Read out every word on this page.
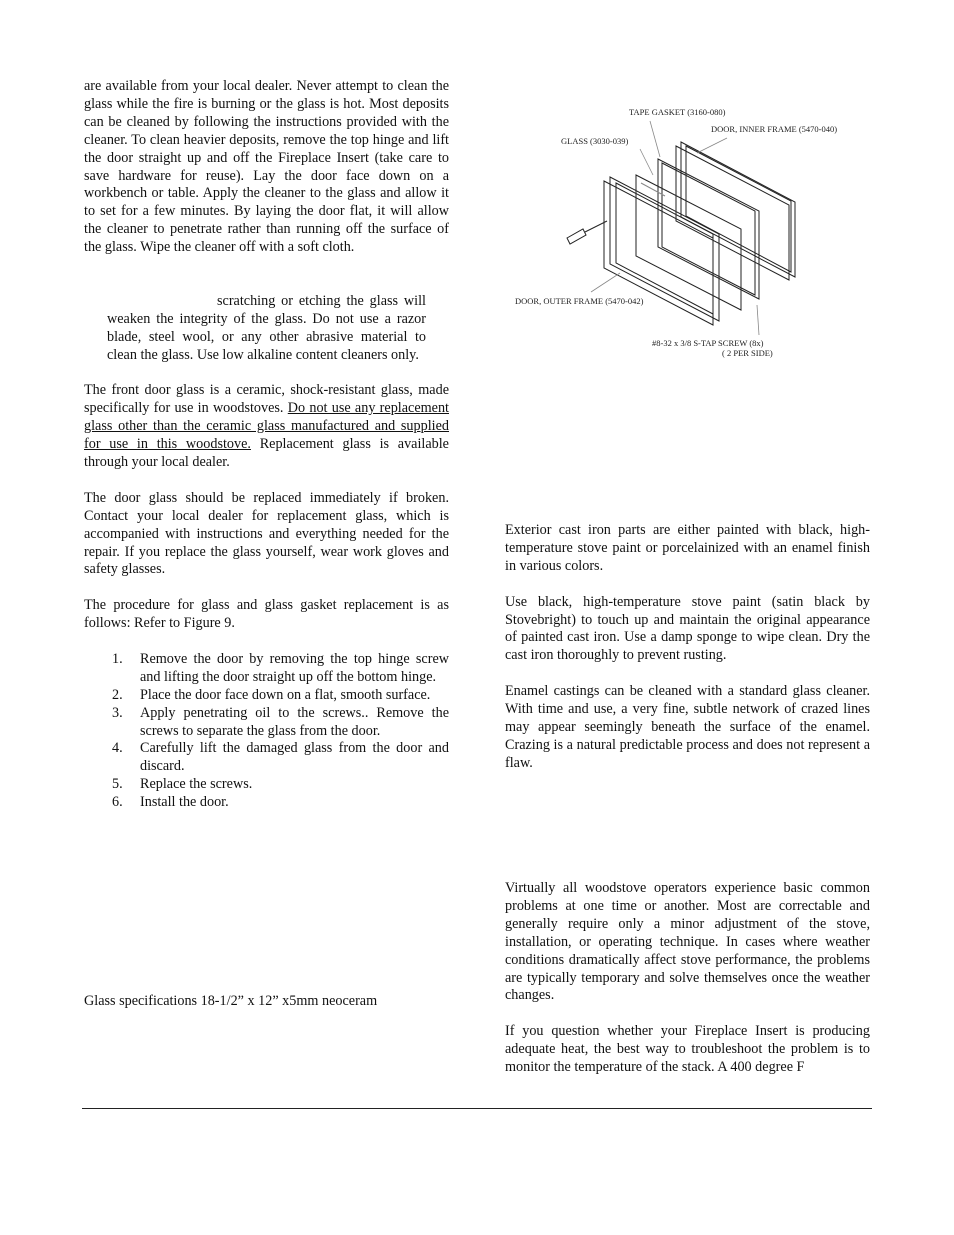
are available from your local dealer. Never attempt to clean the glass while the fire is burning or the glass is hot. Most deposits can be cleaned by following the instructions provided with the cleaner. To clean heavier deposits, remove the top hinge and lift the door straight up and off the Fireplace Insert (take care to save hardware for reuse). Lay the door face down on a workbench or table. Apply the cleaner to the glass and allow it to set for a few minutes. By laying the door flat, it will allow the cleaner to penetrate rather than running off the surface of the glass. Wipe the cleaner off with a soft cloth.

scratching or etching the glass will weaken the integrity of the glass. Do not use a razor blade, steel wool, or any other abrasive material to clean the glass. Use low alkaline content cleaners only.

The front door glass is a ceramic, shock-resistant glass, made specifically for use in woodstoves. Do not use any replacement glass other than the ceramic glass manufactured and supplied for use in this woodstove. Replacement glass is available through your local dealer.

The door glass should be replaced immediately if broken. Contact your local dealer for replacement glass, which is accompanied with instructions and everything needed for the repair. If you replace the glass yourself, wear work gloves and safety glasses.

The procedure for glass and glass gasket replacement is as follows: Refer to Figure 9.

1. Remove the door by removing the top hinge screw and lifting the door straight up off the bottom hinge.
2. Place the door face down on a flat, smooth surface.
3. Apply penetrating oil to the screws.. Remove the screws to separate the glass from the door.
4. Carefully lift the damaged glass from the door and discard.
5. Replace the screws.
6. Install the door.
Glass specifications 18-1/2” x 12” x5mm neoceram
TAPE GASKET (3160-080)
DOOR, INNER FRAME (5470-040)
GLASS (3030-039)
DOOR, OUTER FRAME (5470-042)
#8-32 x 3/8 S-TAP SCREW (8x)
( 2 PER SIDE)

Exterior cast iron parts are either painted with black, high-temperature stove paint or porcelainized with an enamel finish in various colors.

Use black, high-temperature stove paint (satin black by Stovebright) to touch up and maintain the original appearance of painted cast iron. Use a damp sponge to wipe clean. Dry the cast iron thoroughly to prevent rusting.

Enamel castings can be cleaned with a standard glass cleaner. With time and use, a very fine, subtle network of crazed lines may appear seemingly beneath the surface of the enamel. Crazing is a natural predictable process and does not represent a flaw.

Virtually all woodstove operators experience basic common problems at one time or another. Most are correctable and generally require only a minor adjustment of the stove, installation, or operating technique. In cases where weather conditions dramatically affect stove performance, the problems are typically temporary and solve themselves once the weather changes.

If you question whether your Fireplace Insert is producing adequate heat, the best way to troubleshoot the problem is to monitor the temperature of the stack. A 400 degree F
